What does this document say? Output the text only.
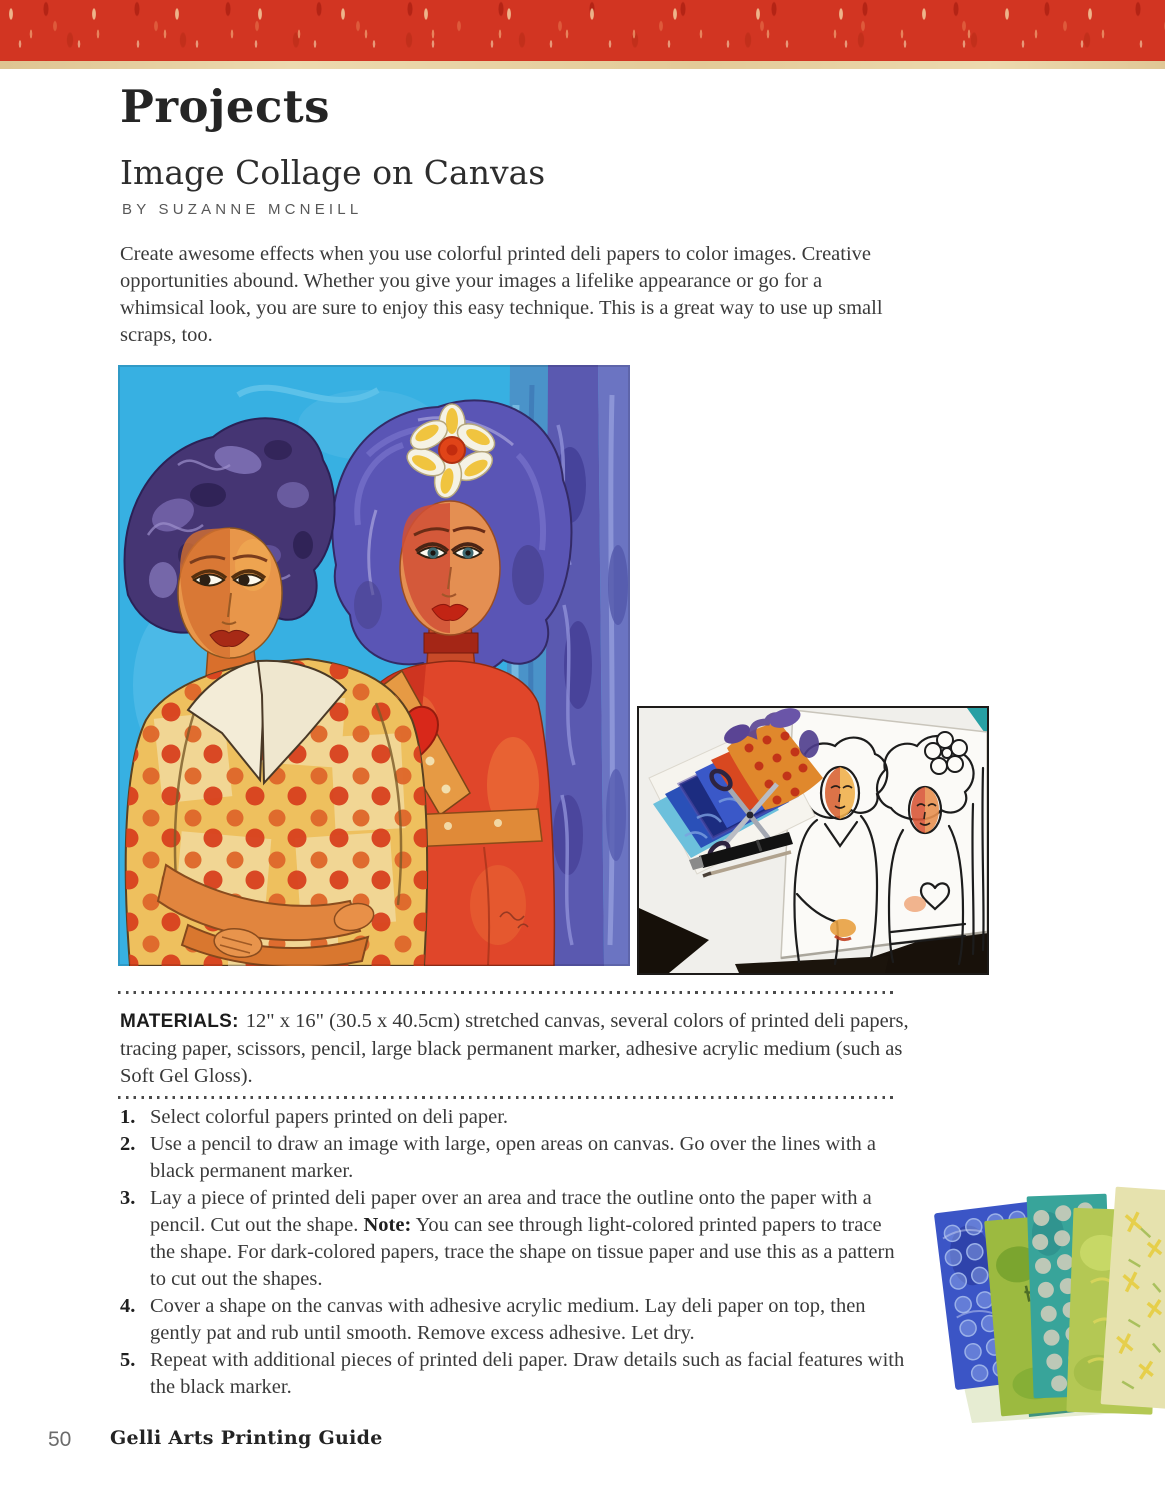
Projects
Image Collage on Canvas
BY SUZANNE MCNEILL

Create awesome effects when you use colorful printed deli papers to color images. Creative opportunities abound. Whether you give your images a lifelike appearance or go for a whimsical look, you are sure to enjoy this easy technique. This is a great way to use up small scraps, too.

MATERIALS: 12" x 16" (30.5 x 40.5cm) stretched canvas, several colors of printed deli papers, tracing paper, scissors, pencil, large black permanent marker, adhesive acrylic medium (such as Soft Gel Gloss).

1. Select colorful papers printed on deli paper.
2. Use a pencil to draw an image with large, open areas on canvas. Go over the lines with a black permanent marker.
3. Lay a piece of printed deli paper over an area and trace the outline onto the paper with a pencil. Cut out the shape. Note: You can see through light-colored printed papers to trace the shape. For dark-colored papers, trace the shape on tissue paper and use this as a pattern to cut out the shapes.
4. Cover a shape on the canvas with adhesive acrylic medium. Lay deli paper on top, then gently pat and rub until smooth. Remove excess adhesive. Let dry.
5. Repeat with additional pieces of printed deli paper. Draw details such as facial features with the black marker.
50 Gelli Arts Printing Guide
